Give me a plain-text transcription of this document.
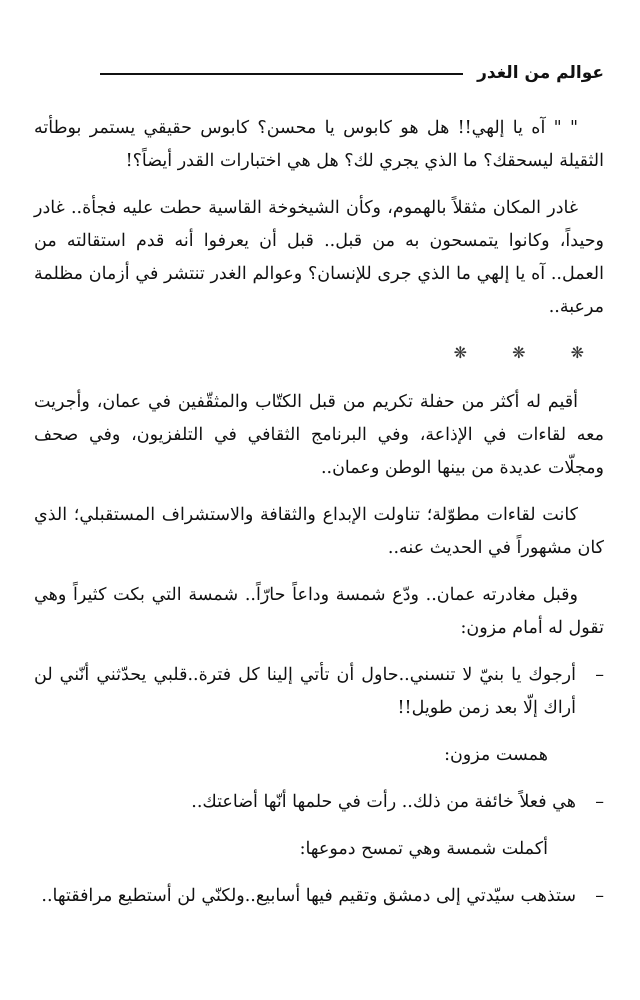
عوالم من الغدر

" " آه يا إلهي!! هل هو كابوس يا محسن؟ كابوس حقيقي يستمر بوطأته الثقيلة ليسحقك؟ ما الذي يجري لك؟ هل هي اختبارات القدر أيضاً؟!

غادر المكان مثقلاً بالهموم، وكأن الشيخوخة القاسية حطت عليه فجأة.. غادر وحيداً، وكانوا يتمسحون به من قبل.. قبل أن يعرفوا أنه قدم استقالته من العمل.. آه يا إلهي ما الذي جرى للإنسان؟ وعوالم الغدر تنتشر في أزمان مظلمة مرعبة..

❋ ❋ ❋

أقيم له أكثر من حفلة تكريم من قبل الكتّاب والمثقّفين في عمان، وأجريت معه لقاءات في الإذاعة، وفي البرنامج الثقافي في التلفزيون، وفي صحف ومجلّات عديدة من بينها الوطن وعمان..

كانت لقاءات مطوّلة؛ تناولت الإبداع والثقافة والاستشراف المستقبلي؛ الذي كان مشهوراً في الحديث عنه..

وقبل مغادرته عمان.. ودّع شمسة وداعاً حارّاً.. شمسة التي بكت كثيراً وهي تقول له أمام مزون:

–
أرجوك يا بنيّ لا تنسني..حاول أن تأتي إلينا كل فترة..قلبي يحدّثني أنّني لن أراك إلّا بعد زمن طويل!!

همست مزون:

–
هي فعلاً خائفة من ذلك.. رأت في حلمها أنّها أضاعتك..

أكملت شمسة وهي تمسح دموعها:

–
ستذهب سيّدتي إلى دمشق وتقيم فيها أسابيع..ولكنّي لن أستطيع مرافقتها..
